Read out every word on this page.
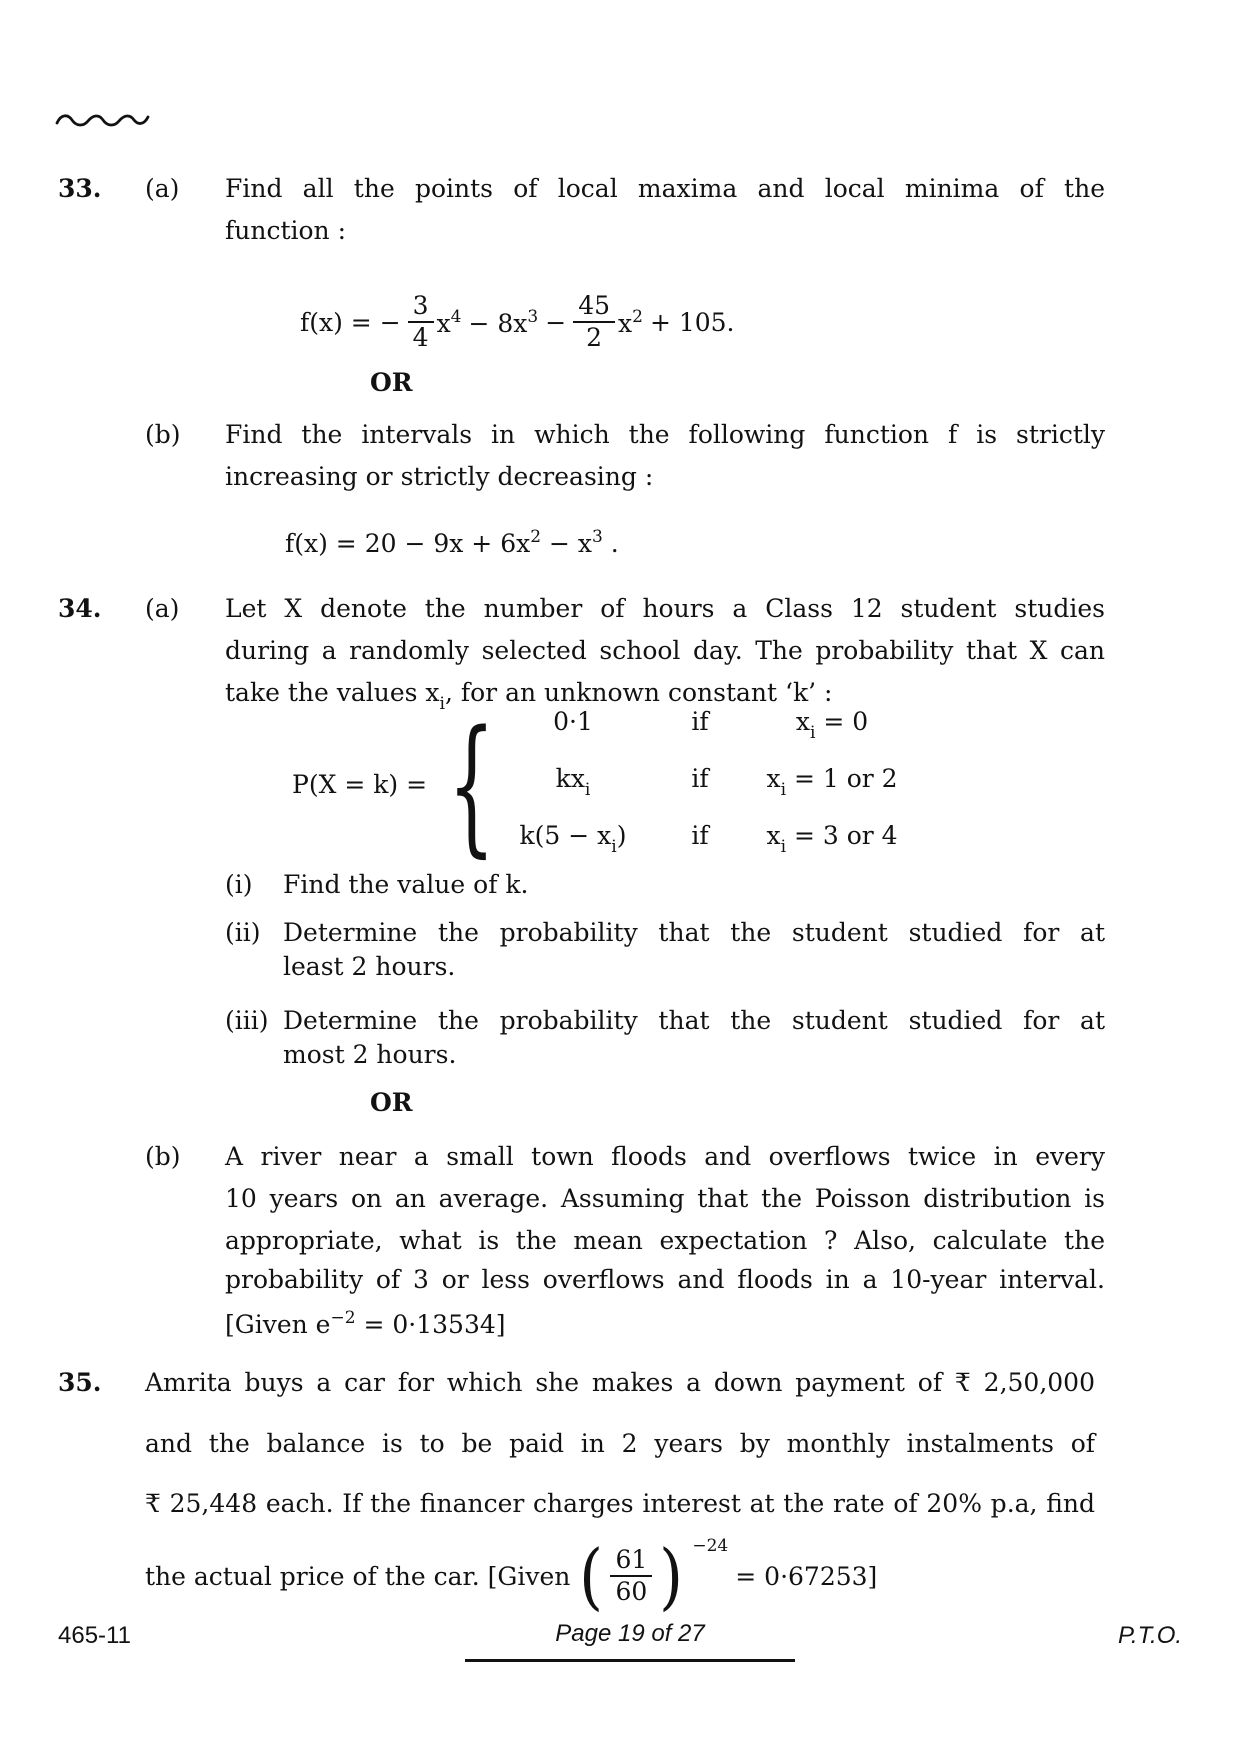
33. (a) Find all the points of local maxima and local minima of the
function :
f(x) = − $\frac{3}{4} x^4 - 8x^3 - \frac{45}{2} x^2 + 105$.
OR
(b) Find the intervals in which the following function f is strictly
increasing or strictly decreasing :
$f(x) = 20 - 9x + 6x^2 - x^3$ .
34. (a) Let X denote the number of hours a Class 12 student studies
during a randomly selected school day. The probability that X can
take the values $x_i$, for an unknown constant ‘k’ :
P(X = k) = {	0·1	if	$x_i = 0$
$kx_i$	if	$x_i = 1$ or 2
$k(5 - x_i)$	if	$x_i = 3$ or 4
(i) Find the value of k.
(ii) Determine the probability that the student studied for at
least 2 hours.
(iii) Determine the probability that the student studied for at
most 2 hours.
OR
(b) A river near a small town floods and overflows twice in every
10 years on an average. Assuming that the Poisson distribution is
appropriate, what is the mean expectation ? Also, calculate the
probability of 3 or less overflows and floods in a 10-year interval.
[Given $e^{-2} = 0\cdot 13534$]
35. Amrita buys a car for which she makes a down payment of ₹ 2,50,000
and the balance is to be paid in 2 years by monthly instalments of
₹ 25,448 each. If the financer charges interest at the rate of 20% p.a, find
the actual price of the car. [Given ( $\frac{61}{60}$ ) −24
= 0·67253]
465-11	Page 19 of 27	P.T.O.
